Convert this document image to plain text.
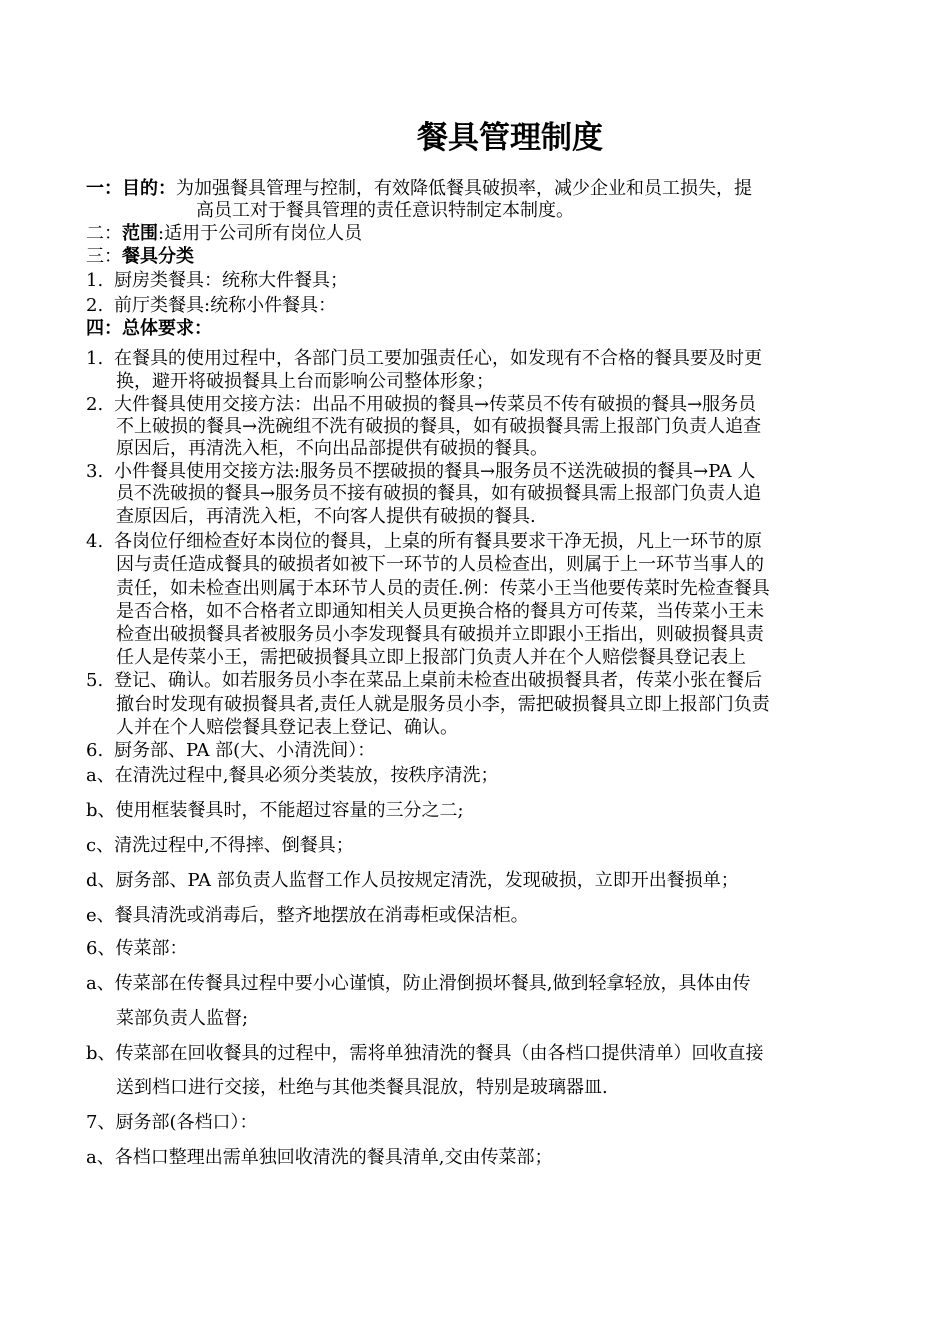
餐具管理制度
一：目的：为加强餐具管理与控制，有效降低餐具破损率，减少企业和员工损失，提
高员工对于餐具管理的责任意识特制定本制度。
二：范围:适用于公司所有岗位人员
三：餐具分类
1. 厨房类餐具：统称大件餐具；
2. 前厅类餐具:统称小件餐具：
四：总体要求：
1. 在餐具的使用过程中，各部门员工要加强责任心，如发现有不合格的餐具要及时更
换，避开将破损餐具上台而影响公司整体形象；
2. 大件餐具使用交接方法：出品不用破损的餐具→传菜员不传有破损的餐具→服务员
不上破损的餐具→洗碗组不洗有破损的餐具，如有破损餐具需上报部门负责人追查
原因后，再清洗入柜，不向出品部提供有破损的餐具。
3. 小件餐具使用交接方法:服务员不摆破损的餐具→服务员不送洗破损的餐具→PA 人
员不洗破损的餐具→服务员不接有破损的餐具，如有破损餐具需上报部门负责人追
查原因后，再清洗入柜，不向客人提供有破损的餐具.
4. 各岗位仔细检查好本岗位的餐具，上桌的所有餐具要求干净无损，凡上一环节的原
因与责任造成餐具的破损者如被下一环节的人员检查出，则属于上一环节当事人的
责任，如未检查出则属于本环节人员的责任.例：传菜小王当他要传菜时先检查餐具
是否合格，如不合格者立即通知相关人员更换合格的餐具方可传菜，当传菜小王未
检查出破损餐具者被服务员小李发现餐具有破损并立即跟小王指出，则破损餐具责
任人是传菜小王，需把破损餐具立即上报部门负责人并在个人赔偿餐具登记表上
5. 登记、确认。如若服务员小李在菜品上桌前未检查出破损餐具者，传菜小张在餐后
撤台时发现有破损餐具者,责任人就是服务员小李，需把破损餐具立即上报部门负责
人并在个人赔偿餐具登记表上登记、确认。
6. 厨务部、PA 部(大、小清洗间）：
a、在清洗过程中,餐具必须分类装放，按秩序清洗；
b、使用框装餐具时，不能超过容量的三分之二;
c、清洗过程中,不得摔、倒餐具；
d、厨务部、PA 部负责人监督工作人员按规定清洗，发现破损，立即开出餐损单；
e、餐具清洗或消毒后，整齐地摆放在消毒柜或保洁柜。
6、传菜部：
a、传菜部在传餐具过程中要小心谨慎，防止滑倒损坏餐具,做到轻拿轻放，具体由传
菜部负责人监督;
b、传菜部在回收餐具的过程中，需将单独清洗的餐具（由各档口提供清单）回收直接
送到档口进行交接，杜绝与其他类餐具混放，特别是玻璃器皿.
7、厨务部(各档口）：
a、各档口整理出需单独回收清洗的餐具清单,交由传菜部；
